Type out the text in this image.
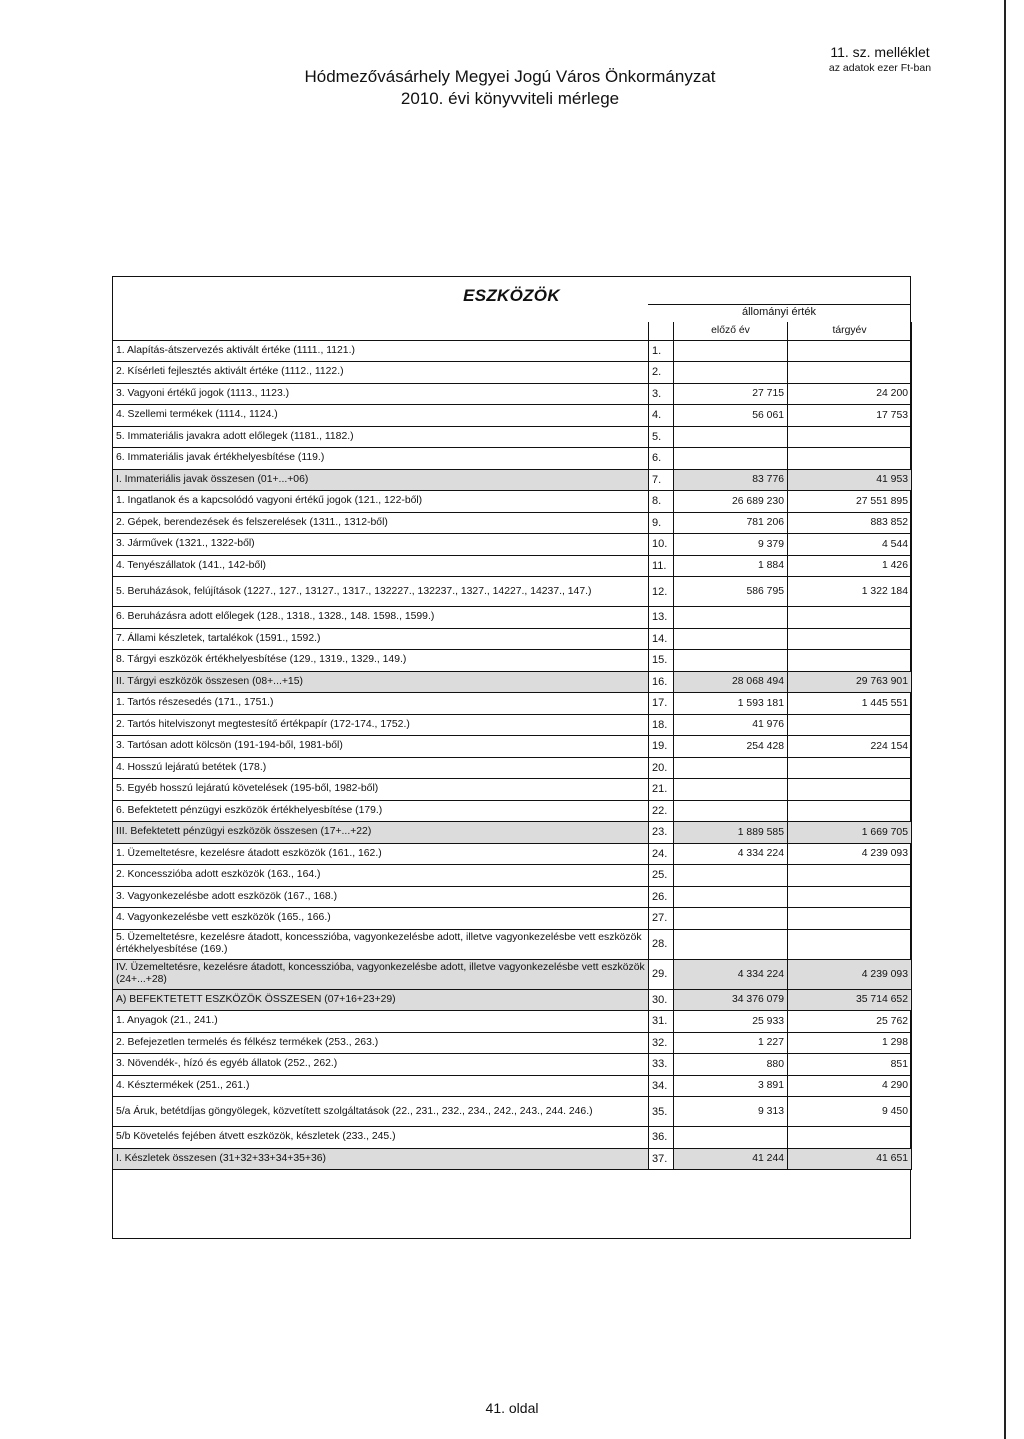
Hódmezővásárhely Megyei Jogú Város Önkormányzat
2010. évi könyvviteli mérlege
11. sz. melléklet
az adatok ezer Ft-ban
ESZKÖZÖK
állományi érték
		előző év	tárgyév
1. Alapítás-átszervezés aktivált értéke (1111., 1121.)	1.		
2. Kísérleti fejlesztés aktivált értéke (1112., 1122.)	2.		
3. Vagyoni értékű jogok (1113., 1123.)	3.	27 715	24 200
4. Szellemi termékek (1114., 1124.)	4.	56 061	17 753
5. Immateriális javakra adott előlegek (1181., 1182.)	5.		
6. Immateriális javak értékhelyesbítése (119.)	6.		
I. Immateriális javak összesen (01+...+06)	7.	83 776	41 953
1. Ingatlanok és a kapcsolódó vagyoni értékű jogok (121., 122-ből)	8.	26 689 230	27 551 895
2. Gépek, berendezések és felszerelések (1311., 1312-ből)	9.	781 206	883 852
3. Járművek (1321., 1322-ből)	10.	9 379	4 544
4. Tenyészállatok (141., 142-ből)	11.	1 884	1 426
5. Beruházások, felújítások (1227., 127., 13127., 1317., 132227., 132237., 1327., 14227., 14237., 147.)	12.	586 795	1 322 184
6. Beruházásra adott előlegek (128., 1318., 1328., 148. 1598., 1599.)	13.		
7. Állami készletek, tartalékok (1591., 1592.)	14.		
8. Tárgyi eszközök értékhelyesbítése (129., 1319., 1329., 149.)	15.		
II. Tárgyi eszközök összesen (08+...+15)	16.	28 068 494	29 763 901
1. Tartós részesedés (171., 1751.)	17.	1 593 181	1 445 551
2. Tartós hitelviszonyt megtestesítő értékpapír (172-174., 1752.)	18.	41 976	
3. Tartósan adott kölcsön (191-194-ből, 1981-ből)	19.	254 428	224 154
4. Hosszú lejáratú betétek (178.)	20.		
5. Egyéb hosszú lejáratú követelések (195-ből, 1982-ből)	21.		
6. Befektetett pénzügyi eszközök értékhelyesbítése (179.)	22.		
III. Befektetett pénzügyi eszközök összesen (17+...+22)	23.	1 889 585	1 669 705
1. Üzemeltetésre, kezelésre átadott eszközök (161., 162.)	24.	4 334 224	4 239 093
2. Koncesszióba adott eszközök (163., 164.)	25.		
3. Vagyonkezelésbe adott eszközök (167., 168.)	26.		
4. Vagyonkezelésbe vett eszközök (165., 166.)	27.		
5. Üzemeltetésre, kezelésre átadott, koncesszióba, vagyonkezelésbe adott, illetve vagyonkezelésbe vett eszközök értékhelyesbítése (169.)	28.		
IV. Üzemeltetésre, kezelésre átadott, koncesszióba, vagyonkezelésbe adott, illetve vagyonkezelésbe vett eszközök (24+...+28)	29.	4 334 224	4 239 093
A) BEFEKTETETT ESZKÖZÖK ÖSSZESEN (07+16+23+29)	30.	34 376 079	35 714 652
1. Anyagok (21., 241.)	31.	25 933	25 762
2. Befejezetlen termelés és félkész termékek (253., 263.)	32.	1 227	1 298
3. Növendék-, hízó és egyéb állatok (252., 262.)	33.	880	851
4. Késztermékek (251., 261.)	34.	3 891	4 290
5/a Áruk, betétdíjas göngyölegek, közvetített szolgáltatások (22., 231., 232., 234., 242., 243., 244. 246.)	35.	9 313	9 450
5/b Követelés fejében átvett eszközök, készletek (233., 245.)	36.		
I. Készletek összesen (31+32+33+34+35+36)	37.	41 244	41 651
41. oldal
